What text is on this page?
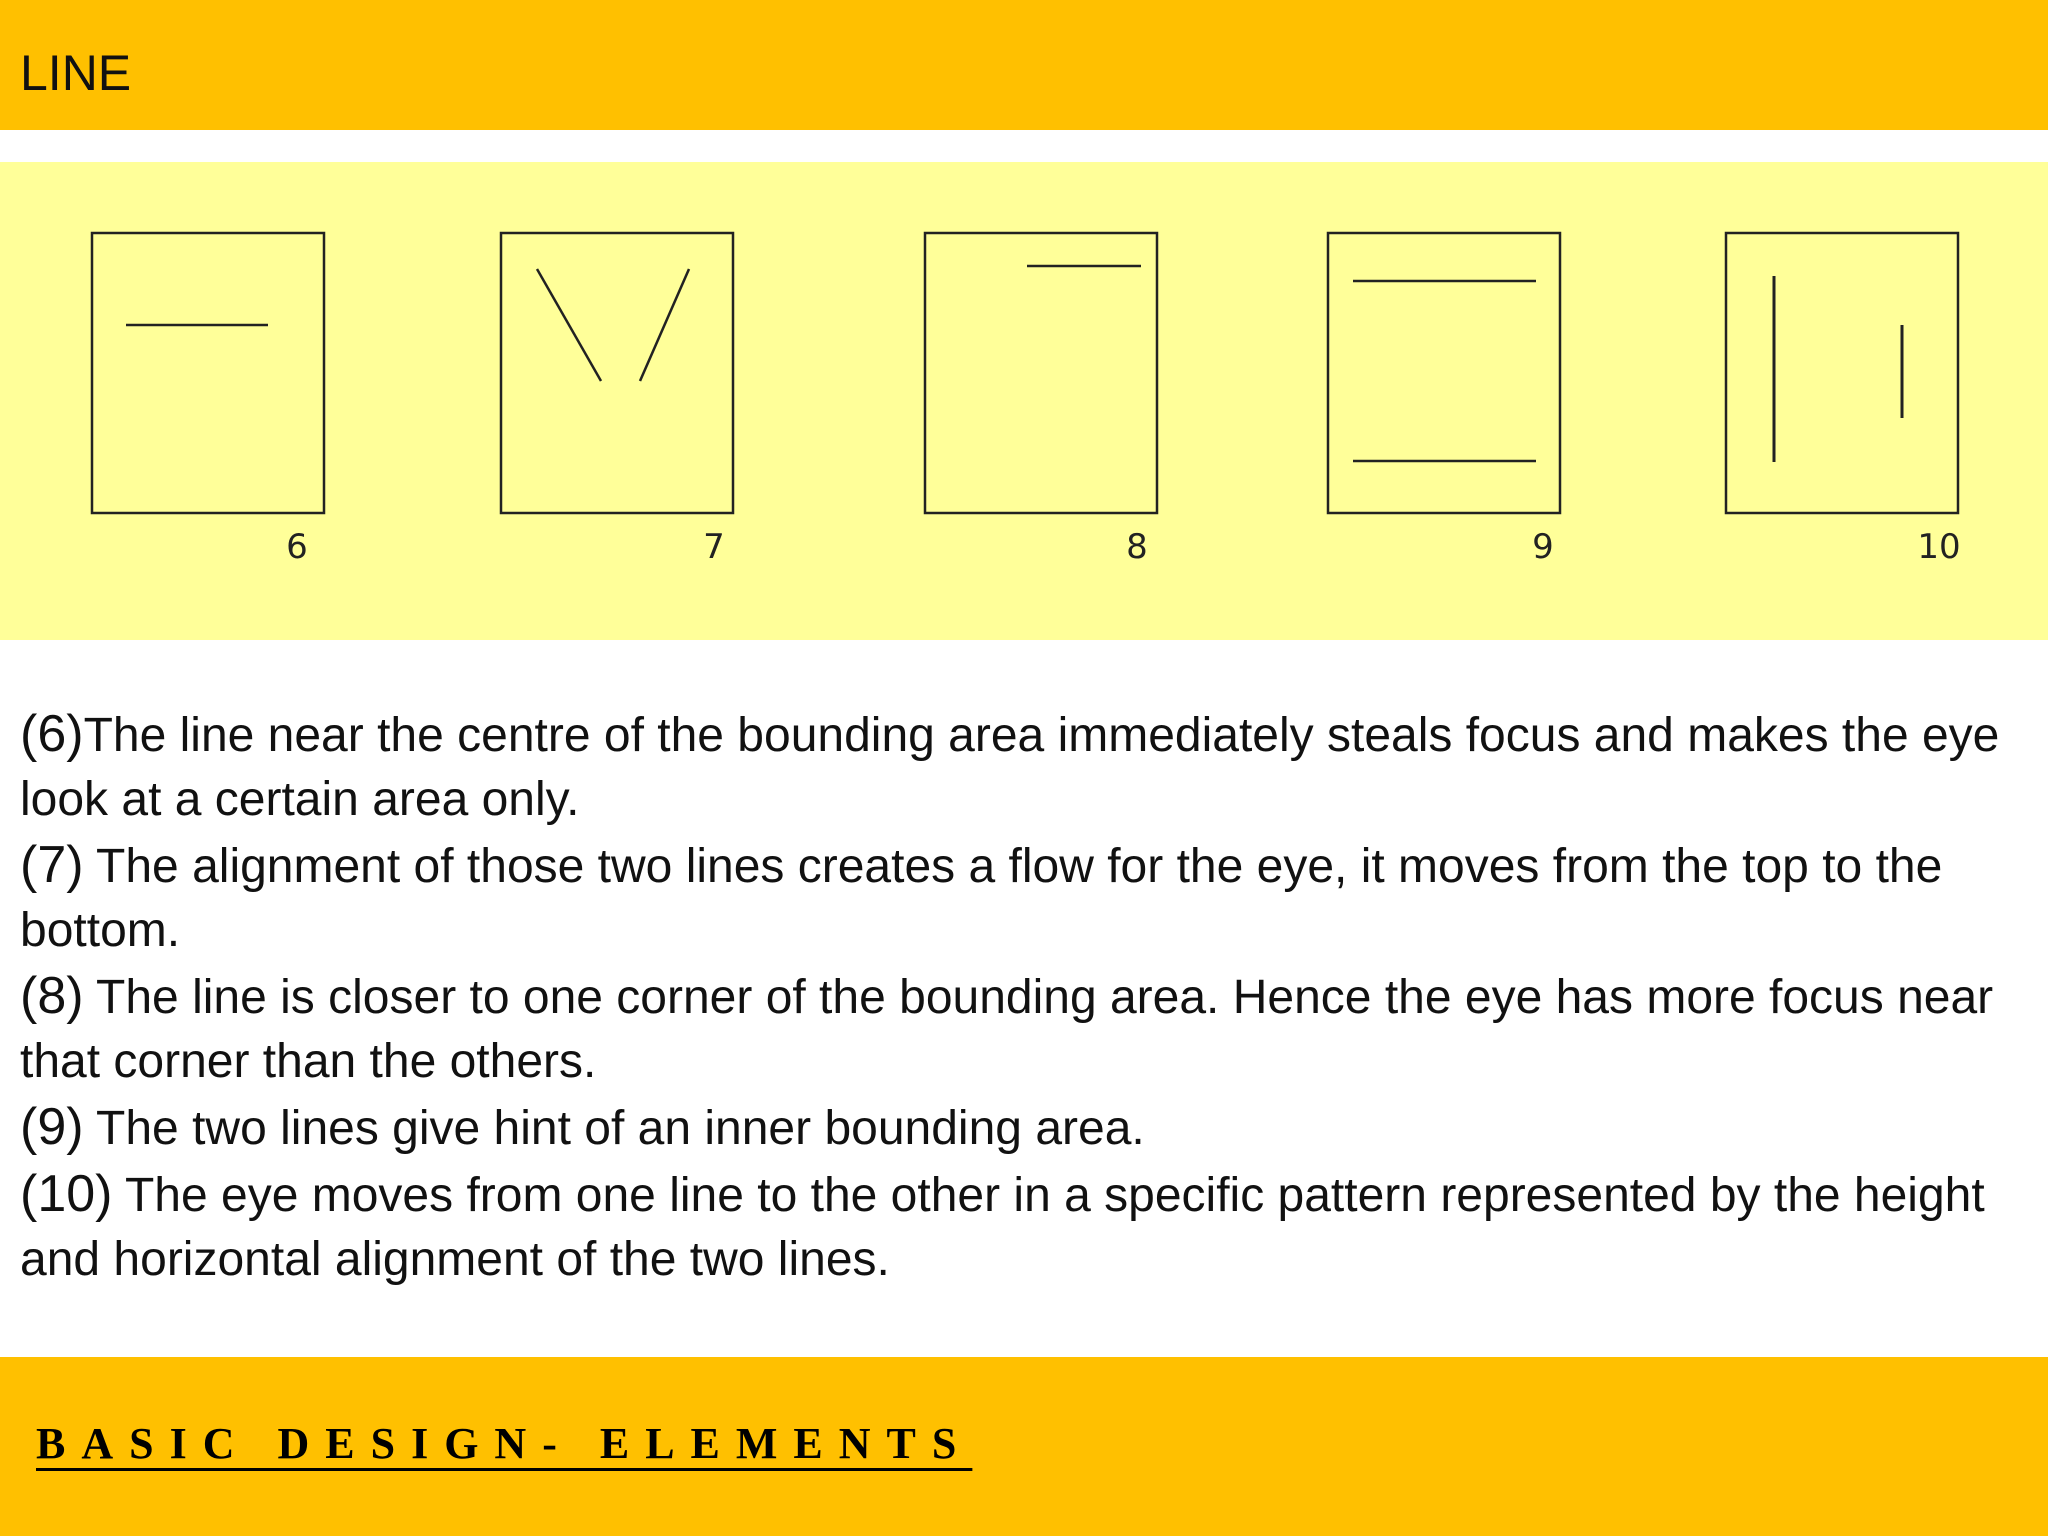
LINE
6	7	8	9	10
(6)The line near the centre of the bounding area immediately steals focus and makes the eye look at a certain area only.
(7) The alignment of those two lines creates a flow for the eye, it moves from the top to the bottom.
(8) The line is closer to one corner of the bounding area. Hence the eye has more focus near that corner than the others.
(9) The two lines give hint of an inner bounding area.
(10) The eye moves from one line to the other in a specific pattern represented by the height and horizontal alignment of the two lines.
BASIC DESIGN- ELEMENTS
